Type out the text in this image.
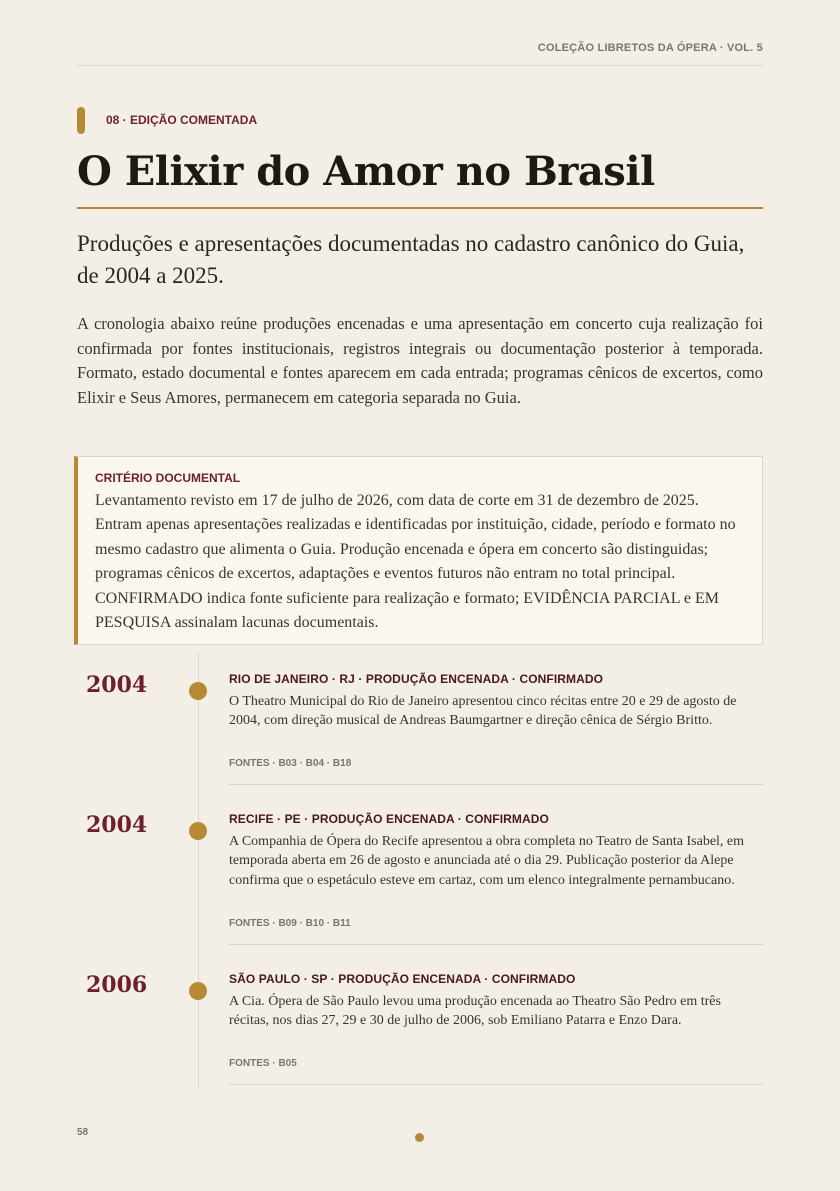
COLEÇÃO LIBRETOS DA ÓPERA · VOL. 5
08 · EDIÇÃO COMENTADA
O Elixir do Amor no Brasil

Produções e apresentações documentadas no cadastro canônico do Guia, de 2004 a 2025.

A cronologia abaixo reúne produções encenadas e uma apresentação em concerto cuja realização foi confirmada por fontes institucionais, registros integrais ou documentação posterior à temporada. Formato, estado documental e fontes aparecem em cada entrada; programas cênicos de excertos, como Elixir e Seus Amores, permanecem em categoria separada no Guia.

CRITÉRIO DOCUMENTAL

Levantamento revisto em 17 de julho de 2026, com data de corte em 31 de dezembro de 2025. Entram apenas apresentações realizadas e identificadas por instituição, cidade, período e formato no mesmo cadastro que alimenta o Guia. Produção encenada e ópera em concerto são distinguidas; programas cênicos de excertos, adaptações e eventos futuros não entram no total principal. CONFIRMADO indica fonte suficiente para realização e formato; EVIDÊNCIA PARCIAL e EM PESQUISA assinalam lacunas documentais.

2004	RIO DE JANEIRO · RJ · PRODUÇÃO ENCENADA · CONFIRMADO

O Theatro Municipal do Rio de Janeiro apresentou cinco récitas entre 20 e 29 de agosto de 2004, com direção musical de Andreas Baumgartner e direção cênica de Sérgio Britto.

FONTES · B03 · B04 · B18
2004	RECIFE · PE · PRODUÇÃO ENCENADA · CONFIRMADO

A Companhia de Ópera do Recife apresentou a obra completa no Teatro de Santa Isabel, em temporada aberta em 26 de agosto e anunciada até o dia 29. Publicação posterior da Alepe confirma que o espetáculo esteve em cartaz, com um elenco integralmente pernambucano.

FONTES · B09 · B10 · B11
2006	SÃO PAULO · SP · PRODUÇÃO ENCENADA · CONFIRMADO

A Cia. Ópera de São Paulo levou uma produção encenada ao Theatro São Pedro em três récitas, nos dias 27, 29 e 30 de julho de 2006, sob Emiliano Patarra e Enzo Dara.

FONTES · B05
58
